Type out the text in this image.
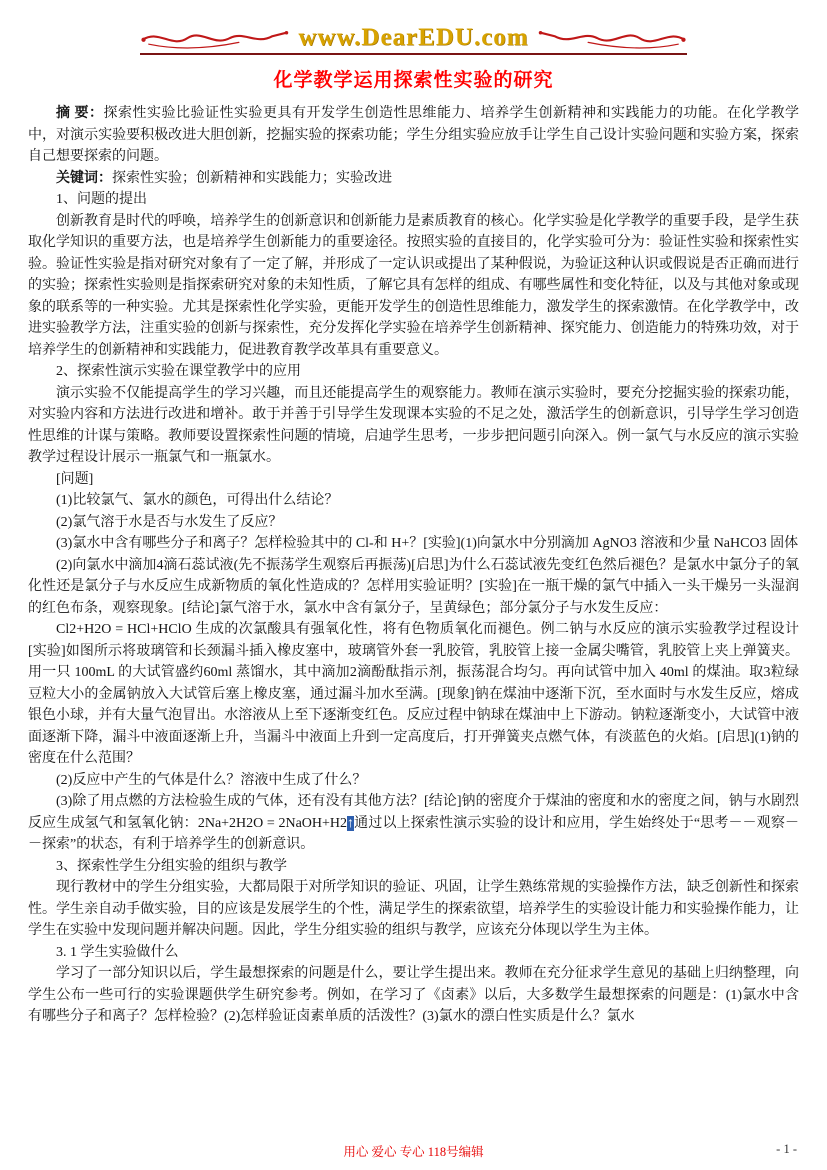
www.DearEDU.com
化学教学运用探索性实验的研究

摘 要：探索性实验比验证性实验更具有开发学生创造性思维能力、培养学生创新精神和实践能力的功能。在化学教学中，对演示实验要积极改进大胆创新，挖掘实验的探索功能；学生分组实验应放手让学生自己设计实验问题和实验方案，探索自己想要探索的问题。

关键词：探索性实验；创新精神和实践能力；实验改进

1、问题的提出

创新教育是时代的呼唤，培养学生的创新意识和创新能力是素质教育的核心。化学实验是化学教学的重要手段，是学生获取化学知识的重要方法，也是培养学生创新能力的重要途径。按照实验的直接目的，化学实验可分为：验证性实验和探索性实验。验证性实验是指对研究对象有了一定了解，并形成了一定认识或提出了某种假说，为验证这种认识或假说是否正确而进行的实验；探索性实验则是指探索研究对象的未知性质，了解它具有怎样的组成、有哪些属性和变化特征，以及与其他对象或现象的联系等的一种实验。尤其是探索性化学实验，更能开发学生的创造性思维能力，激发学生的探索激情。在化学教学中，改进实验教学方法，注重实验的创新与探索性，充分发挥化学实验在培养学生创新精神、探究能力、创造能力的特殊功效，对于培养学生的创新精神和实践能力，促进教育教学改革具有重要意义。

2、探索性演示实验在课堂教学中的应用

演示实验不仅能提高学生的学习兴趣，而且还能提高学生的观察能力。教师在演示实验时，要充分挖掘实验的探索功能，对实验内容和方法进行改进和增补。敢于并善于引导学生发现课本实验的不足之处，激活学生的创新意识，引导学生学习创造性思维的计谋与策略。教师要设置探索性问题的情境，启迪学生思考，一步步把问题引向深入。例一氯气与水反应的演示实验教学过程设计展示一瓶氯气和一瓶氯水。

[问题]

(1)比较氯气、氯水的颜色，可得出什么结论？

(2)氯气溶于水是否与水发生了反应？

(3)氯水中含有哪些分子和离子？怎样检验其中的 Cl-和 H+？[实验](1)向氯水中分别滴加 AgNO3 溶液和少量 NaHCO3 固体

(2)向氯水中滴加4滴石蕊试液(先不振荡学生观察后再振荡)[启思]为什么石蕊试液先变红色然后褪色？是氯水中氯分子的氧化性还是氯分子与水反应生成新物质的氧化性造成的？怎样用实验证明？[实验]在一瓶干燥的氯气中插入一头干燥另一头湿润的红色布条，观察现象。[结论]氯气溶于水，氯水中含有氯分子，呈黄绿色；部分氯分子与水发生反应：

Cl2+H2O = HCl+HClO 生成的次氯酸具有强氧化性，将有色物质氧化而褪色。例二钠与水反应的演示实验教学过程设计[实验]如图所示将玻璃管和长颈漏斗插入橡皮塞中，玻璃管外套一乳胶管，乳胶管上接一金属尖嘴管，乳胶管上夹上弹簧夹。用一只 100mL 的大试管盛约60ml 蒸馏水，其中滴加2滴酚酞指示剂，振荡混合均匀。再向试管中加入 40ml 的煤油。取3粒绿豆粒大小的金属钠放入大试管后塞上橡皮塞，通过漏斗加水至满。[现象]钠在煤油中逐渐下沉，至水面时与水发生反应，熔成银色小球，并有大量气泡冒出。水溶液从上至下逐渐变红色。反应过程中钠球在煤油中上下游动。钠粒逐渐变小，大试管中液面逐渐下降，漏斗中液面逐渐上升，当漏斗中液面上升到一定高度后，打开弹簧夹点燃气体，有淡蓝色的火焰。[启思](1)钠的密度在什么范围？

(2)反应中产生的气体是什么？溶液中生成了什么？

(3)除了用点燃的方法检验生成的气体，还有没有其他方法？[结论]钠的密度介于煤油的密度和水的密度之间，钠与水剧烈反应生成氢气和氢氧化钠：2Na+2H2O = 2NaOH+H2↑通过以上探索性演示实验的设计和应用，学生始终处于“思考－－观察－－探索”的状态，有利于培养学生的创新意识。

3、探索性学生分组实验的组织与教学

现行教材中的学生分组实验，大都局限于对所学知识的验证、巩固，让学生熟练常规的实验操作方法，缺乏创新性和探索性。学生亲自动手做实验，目的应该是发展学生的个性，满足学生的探索欲望，培养学生的实验设计能力和实验操作能力，让学生在实验中发现问题并解决问题。因此，学生分组实验的组织与教学，应该充分体现以学生为主体。

3. 1 学生实验做什么

学习了一部分知识以后，学生最想探索的问题是什么，要让学生提出来。教师在充分征求学生意见的基础上归纳整理，向学生公布一些可行的实验课题供学生研究参考。例如，在学习了《卤素》以后，大多数学生最想探索的问题是：(1)氯水中含有哪些分子和离子？怎样检验？(2)怎样验证卤素单质的活泼性？(3)氯水的漂白性实质是什么？氯水

用心 爱心 专心 118号编辑	- 1 -
